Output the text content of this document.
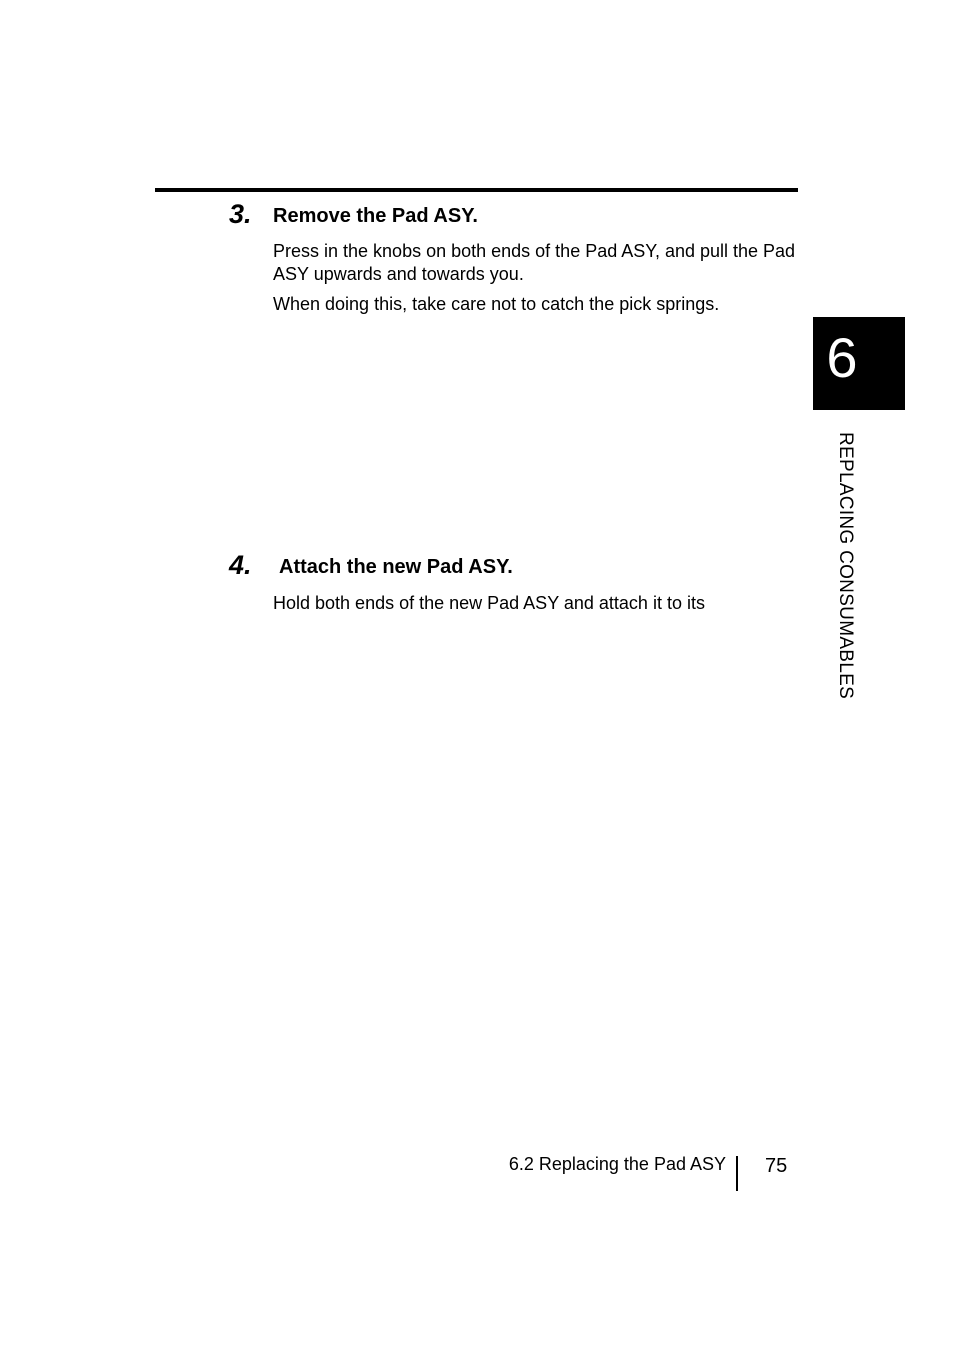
3. Remove the Pad ASY.

Press in the knobs on both ends of the Pad ASY, and pull the Pad ASY upwards and towards you.

When doing this, take care not to catch the pick springs.

4. Attach the new Pad ASY.

Hold both ends of the new Pad ASY and attach it to its

6
REPLACING CONSUMABLES
6.2 Replacing the Pad ASY 75
